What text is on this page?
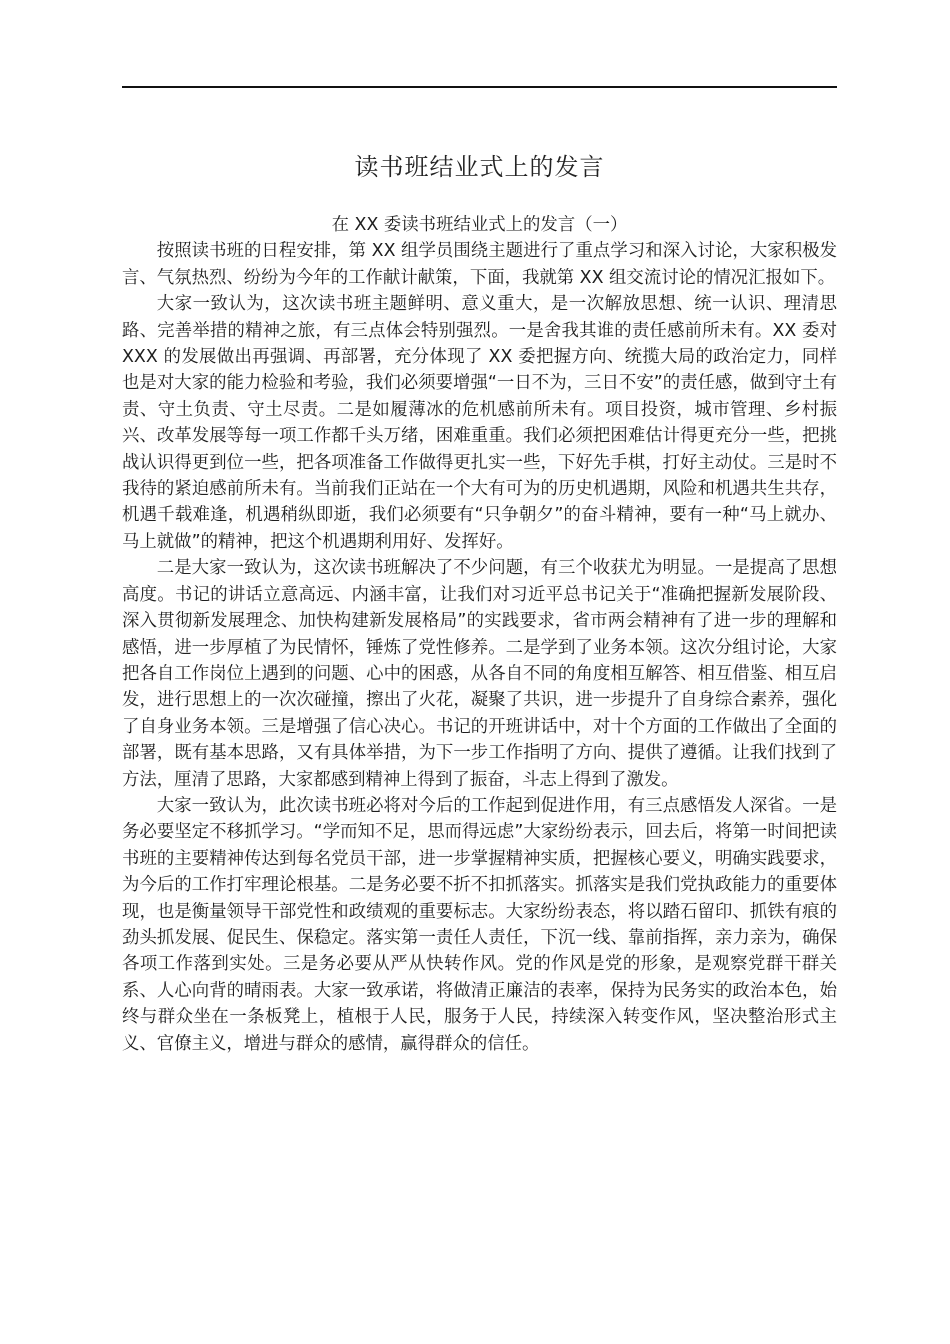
读书班结业式上的发言

在 XX 委读书班结业式上的发言（一）

按照读书班的日程安排，第 XX 组学员围绕主题进行了重点学习和深入讨论，大家积极发言、气氛热烈、纷纷为今年的工作献计献策，下面，我就第 XX 组交流讨论的情况汇报如下。

大家一致认为，这次读书班主题鲜明、意义重大，是一次解放思想、统一认识、理清思路、完善举措的精神之旅，有三点体会特别强烈。一是舍我其谁的责任感前所未有。XX 委对 XXX 的发展做出再强调、再部署，充分体现了 XX 委把握方向、统揽大局的政治定力，同样也是对大家的能力检验和考验，我们必须要增强“一日不为，三日不安”的责任感，做到守土有责、守土负责、守土尽责。二是如履薄冰的危机感前所未有。项目投资，城市管理、乡村振兴、改革发展等每一项工作都千头万绪，困难重重。我们必须把困难估计得更充分一些，把挑战认识得更到位一些，把各项准备工作做得更扎实一些，下好先手棋，打好主动仗。三是时不我待的紧迫感前所未有。当前我们正站在一个大有可为的历史机遇期，风险和机遇共生共存，机遇千载难逢，机遇稍纵即逝，我们必须要有“只争朝夕”的奋斗精神，要有一种“马上就办、马上就做”的精神，把这个机遇期利用好、发挥好。

二是大家一致认为，这次读书班解决了不少问题，有三个收获尤为明显。一是提高了思想高度。书记的讲话立意高远、内涵丰富，让我们对习近平总书记关于“准确把握新发展阶段、深入贯彻新发展理念、加快构建新发展格局”的实践要求，省市两会精神有了进一步的理解和感悟，进一步厚植了为民情怀，锤炼了党性修养。二是学到了业务本领。这次分组讨论，大家把各自工作岗位上遇到的问题、心中的困惑，从各自不同的角度相互解答、相互借鉴、相互启发，进行思想上的一次次碰撞，擦出了火花，凝聚了共识，进一步提升了自身综合素养，强化了自身业务本领。三是增强了信心决心。书记的开班讲话中，对十个方面的工作做出了全面的部署，既有基本思路，又有具体举措，为下一步工作指明了方向、提供了遵循。让我们找到了方法，厘清了思路，大家都感到精神上得到了振奋，斗志上得到了激发。

大家一致认为，此次读书班必将对今后的工作起到促进作用，有三点感悟发人深省。一是务必要坚定不移抓学习。“学而知不足，思而得远虑”大家纷纷表示，回去后，将第一时间把读书班的主要精神传达到每名党员干部，进一步掌握精神实质，把握核心要义，明确实践要求，为今后的工作打牢理论根基。二是务必要不折不扣抓落实。抓落实是我们党执政能力的重要体现，也是衡量领导干部党性和政绩观的重要标志。大家纷纷表态，将以踏石留印、抓铁有痕的劲头抓发展、促民生、保稳定。落实第一责任人责任，下沉一线、靠前指挥，亲力亲为，确保各项工作落到实处。三是务必要从严从快转作风。党的作风是党的形象，是观察党群干群关系、人心向背的晴雨表。大家一致承诺，将做清正廉洁的表率，保持为民务实的政治本色，始终与群众坐在一条板凳上，植根于人民，服务于人民，持续深入转变作风，坚决整治形式主义、官僚主义，增进与群众的感情，赢得群众的信任。
